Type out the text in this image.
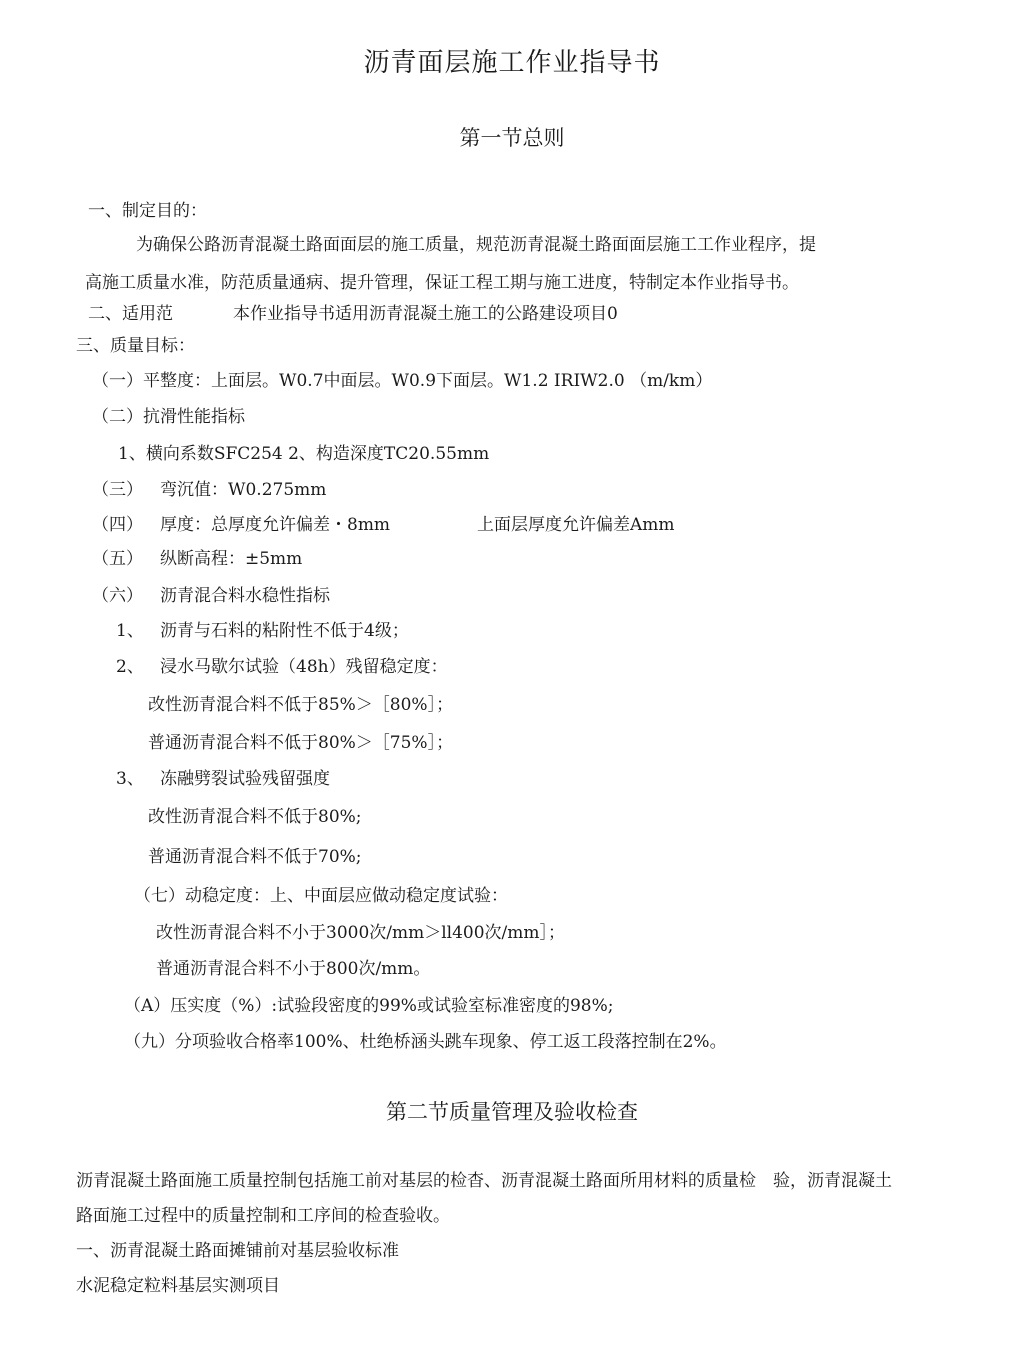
沥青面层施工作业指导书
第一节总则
一、制定目的：
为确保公路沥青混凝土路面面层的施工质量，规范沥青混凝土路面面层施工工作业程序，提
高施工质量水准，防范质量通病、提升管理，保证工程工期与施工进度，特制定本作业指导书。
二、适用范	本作业指导书适用沥青混凝土施工的公路建设项目0
三、质量目标：
（一）平整度：上面层。W0.7中面层。W0.9下面层。W1.2 IRIW2.0 （m/km）
（二）抗滑性能指标
1、横向系数SFC254 2、构造深度TC20.55mm
（三） 弯沉值：W0.275mm
（四） 厚度：总厚度允许偏差・8mm	上面层厚度允许偏差Amm
（五） 纵断高程：±5mm
（六） 沥青混合料水稳性指标
1、 沥青与石料的粘附性不低于4级；
2、 浸水马歇尔试验（48h）残留稳定度：
改性沥青混合料不低于85%＞［80%］；
普通沥青混合料不低于80%＞［75%］；
3、 冻融劈裂试验残留强度
改性沥青混合料不低于80%;
普通沥青混合料不低于70%;
（七）动稳定度：上、中面层应做动稳定度试验：
改性沥青混合料不小于3000次/mm＞ll400次/mm］；
普通沥青混合料不小于800次/mm。
（A）压实度（%）:试验段密度的99%或试验室标准密度的98%;
（九）分项验收合格率100%、杜绝桥涵头跳车现象、停工返工段落控制在2%。
第二节质量管理及验收检查
沥青混凝土路面施工质量控制包括施工前对基层的检杳、沥青混凝土路面所用材料的质量检　验，沥青混凝土
路面施工过程中的质量控制和工序间的检查验收。
一、沥青混凝土路面摊铺前对基层验收标准
水泥稳定粒料基层实测项目
